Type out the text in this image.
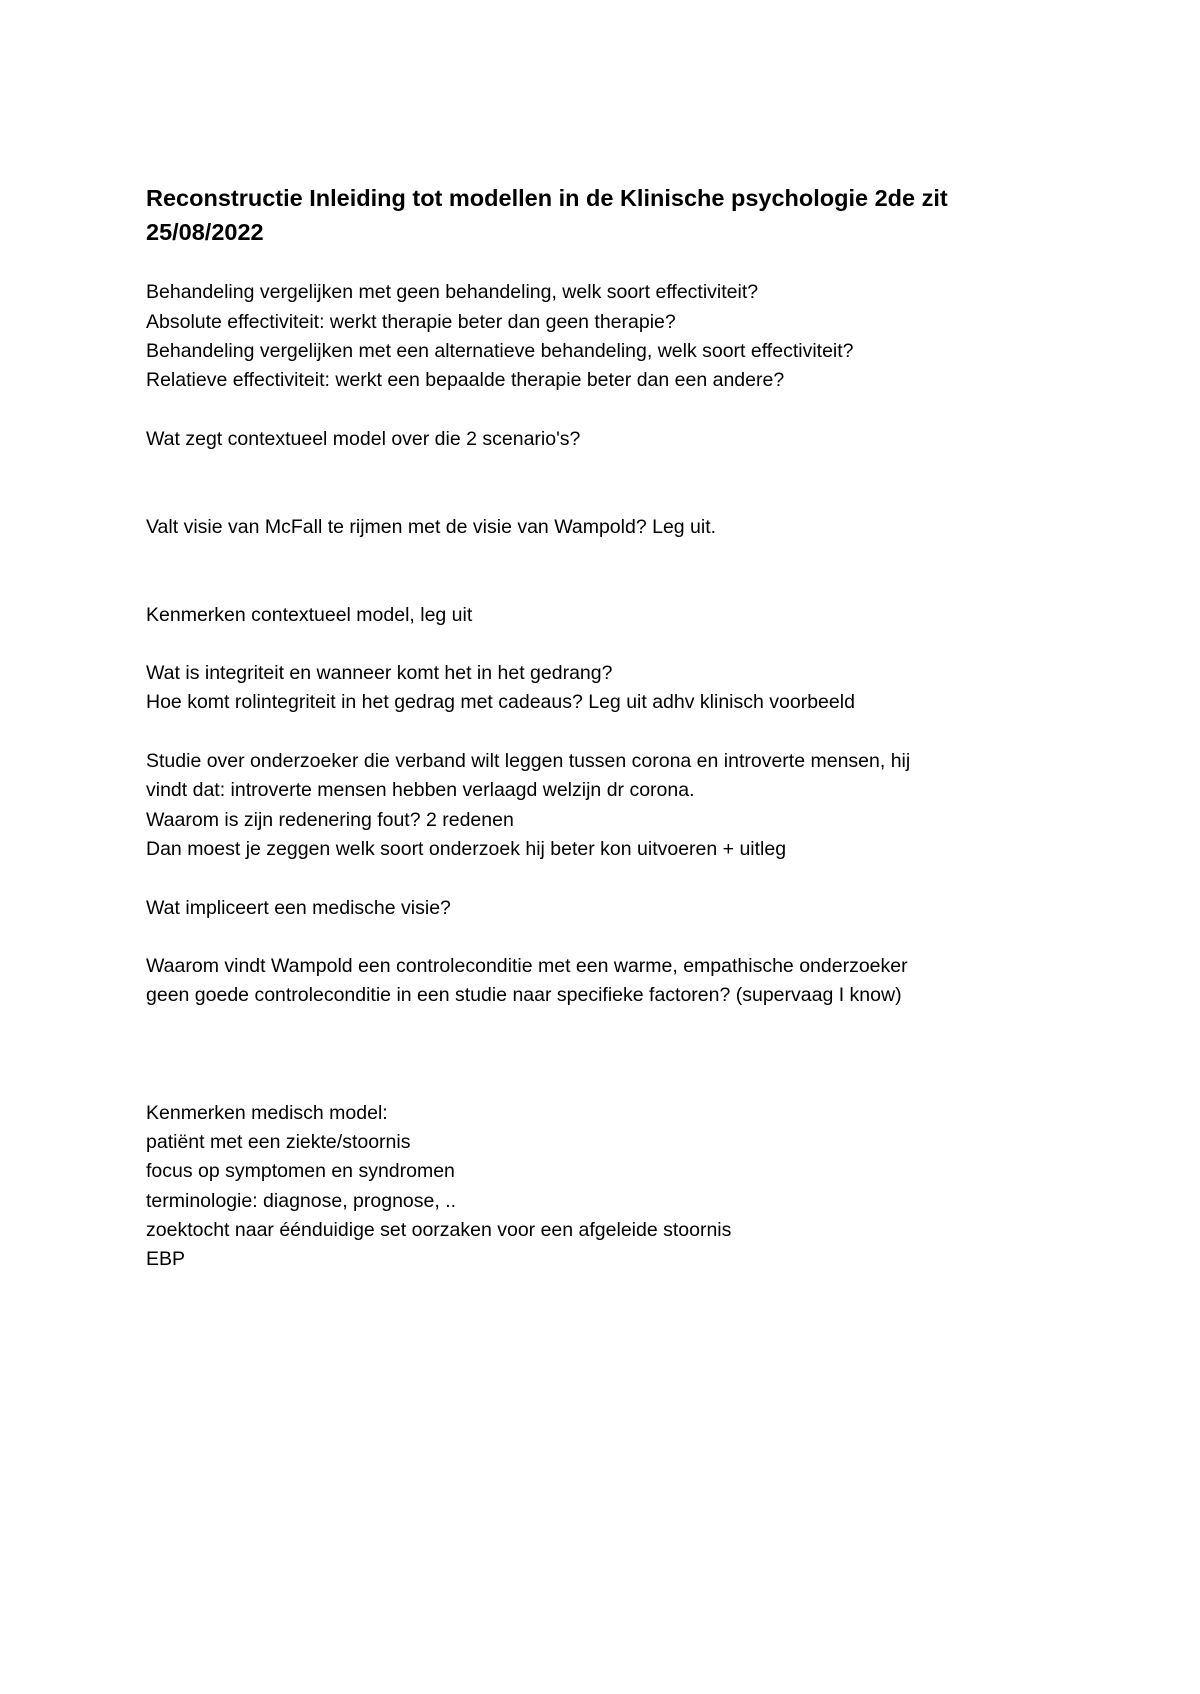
Reconstructie Inleiding tot modellen in de Klinische psychologie 2de zit
25/08/2022
Behandeling vergelijken met geen behandeling, welk soort effectiviteit?
Absolute effectiviteit: werkt therapie beter dan geen therapie?
Behandeling vergelijken met een alternatieve behandeling, welk soort effectiviteit?
Relatieve effectiviteit: werkt een bepaalde therapie beter dan een andere?
Wat zegt contextueel model over die 2 scenario's?
Valt visie van McFall te rijmen met de visie van Wampold? Leg uit.
Kenmerken contextueel model, leg uit
Wat is integriteit en wanneer komt het in het gedrang?
Hoe komt rolintegriteit in het gedrag met cadeaus? Leg uit adhv klinisch voorbeeld
Studie over onderzoeker die verband wilt leggen tussen corona en introverte mensen, hij
vindt dat: introverte mensen hebben verlaagd welzijn dr corona.
Waarom is zijn redenering fout? 2 redenen
Dan moest je zeggen welk soort onderzoek hij beter kon uitvoeren + uitleg
Wat impliceert een medische visie?
Waarom vindt Wampold een controleconditie met een warme, empathische onderzoeker
geen goede controleconditie in een studie naar specifieke factoren? (supervaag I know)
Kenmerken medisch model:
patiënt met een ziekte/stoornis
focus op symptomen en syndromen
terminologie: diagnose, prognose, ..
zoektocht naar éénduidige set oorzaken voor een afgeleide stoornis
EBP
